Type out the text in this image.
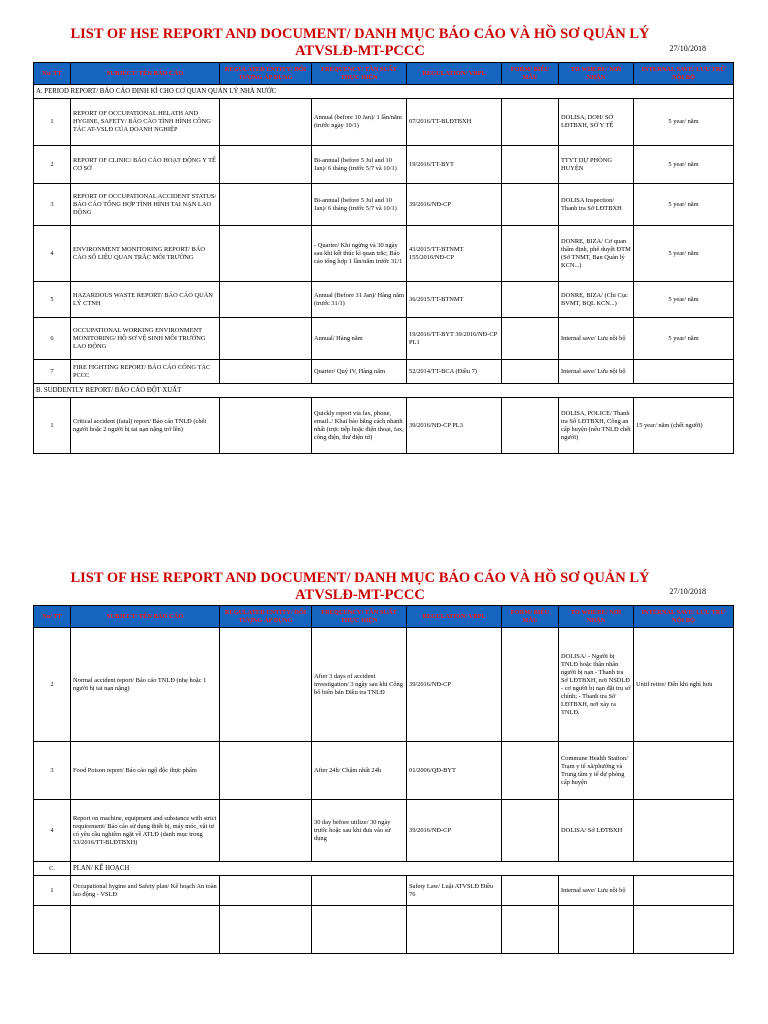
LIST OF HSE REPORT AND DOCUMENT/ DANH MỤC BÁO CÁO VÀ HỒ SƠ QUẢN LÝ
ATVSLĐ-MT-PCCC	27/10/2018
No/ TT	SUBJECT/ TÊN BÁO CÁO	REGULATED ENTITY/ ĐỐI TƯỢNG ÁP DỤNG	FREQUENCY/ TẦN SUẤT THỰC HIỆN	REGULATION/ VBPL	FORM/ BIỂU MẪU	TO WHERE/ NƠI NHẬN	INTERNAL SAVE/ LƯU TRỮ NỘI BỘ
A. PERIOD REPORT/ BÁO CÁO ĐỊNH KÌ CHO CƠ QUAN QUẢN LÝ NHÀ NƯỚC							
1	REPORT OF OCCUPATIONAL HELATH AND HYGINE, SAFETY/ BÁO CÁO TÌNH HÌNH CÔNG TÁC AT-VSLĐ CỦA DOANH NGHIỆP		Annual (before 10 Jan)/ 1 lần/năm (trước ngày 10/1)	07/2016/TT-BLĐTBXH		DOLISA, DOH/ SỞ LĐTBXH, SỞ Y TẾ	5 year/ năm
2	REPORT OF CLINIC/ BÁO CÁO HOẠT ĐỘNG Y TẾ CƠ SỞ		Bi-annual (before 5 Jul and 10 Jan)/ 6 tháng (trước 5/7 và 10/1)	19/2016/TT-BYT		TTYT DỰ PHÒNG HUYỆN	5 year/ năm
3	REPORT OF OCCUPATIONAL ACCIDENT STATUS/ BÁO CÁO TỔNG HỢP TÌNH HÌNH TAI NẠN LAO ĐỘNG		Bi-annual (before 5 Jul and 10 Jan)/ 6 tháng (trước 5/7 và 10/1)	39/2016/NĐ-CP		DOLISA Inspection/ Thanh tra Sở LĐTBXH	5 year/ năm
4	ENVIRONMENT MONITORING REPORT/ BÁO CÁO SỐ LIỆU QUAN TRẮC MÔI TRƯỜNG		- Quarter/ Khi ngừng và 30 ngày sau khi kết thúc kì quan trắc; Báo cáo tổng hợp 1 lần/năm trước 31/1	43/2015/TT-BTNMT 155/2016/NĐ-CP		DONRE, BIZA/ Cơ quan thẩm định, phê duyệt ĐTM (Sở TNMT, Ban Quản lý KCN...)	5 year/ năm
5	HAZARDOUS WASTE REPORT/ BÁO CÁO QUẢN LÝ CTNH		Annual (Before 31 Jan)/ Hàng năm (trước 31/1)	36/2015/TT-BTNMT		DONRE, BIZA/ (Chi Cục BVMT, BQL KCN...)	5 year/ năm
6	OCCUPATIONAL WORKING ENVIRONMENT MONITORING/ HỒ SƠ VỆ SINH MÔI TRƯỜNG LAO ĐỘNG		Annual/ Hàng năm	19/2016/TT-BYT 39/2016/NĐ-CP PL1		Internal save/ Lưu nội bộ	5 year/ năm
7	FIRE FIGHTING REPORT/ BÁO CÁO CÔNG TÁC PCCC		Quarter/ Quý IV, Hàng năm	52/2014/TT-BCA (Điều 7)		Internal save/ Lưu nội bộ	
B. SUDDENTLY REPORT/ BÁO CÁO ĐỘT XUẤT							
1	Critical accident (fatal) report/ Báo cáo TNLĐ (chết người hoặc 2 người bị tai nạn nặng trở lên)		Quickly report via fax, phone, email../ Khai báo bằng cách nhanh nhất (trực tiếp hoặc điện thoại, fax, công điện, thư điện tử)	39/2016/NĐ-CP PL3		DOLISA, POLICE/ Thanh tra Sở LĐTBXH, Công an cấp huyện (nếu TNLĐ chết người)	15 year/ năm (chết người)
LIST OF HSE REPORT AND DOCUMENT/ DANH MỤC BÁO CÁO VÀ HỒ SƠ QUẢN LÝ
ATVSLĐ-MT-PCCC	27/10/2018
No/ TT	SUBJECT/ TÊN BÁO CÁO	REGULATED ENTITY/ ĐỐI TƯỢNG ÁP DỤNG	FREQUENCY/ TẦN SUẤT THỰC HIỆN	REGULATION/ VBPL	FORM/ BIỂU MẪU	TO WHERE/ NƠI NHẬN	INTERNAL SAVE/ LƯU TRỮ NỘI BỘ
2	Normal accident report/ Báo cáo TNLĐ (nhẹ hoặc 1 người bị tai nạn nặng)		After 3 days of accident investigation/ 3 ngày sau khi Công bố biên bản Điều tra TNLĐ	39/2016/NĐ-CP		DOLISA/ - Người bị TNLĐ hoặc thân nhân người bị nạn - Thanh tra Sở LĐTBXH, nơi NSDLĐ - cơ người bị nạn đặt trụ sở chính; - Thanh tra Sở LĐTBXH, nơi xảy ra TNLĐ.	Until retire/ Đến khi nghỉ hưu
3	Food Poison report/ Báo cáo ngộ độc thực phẩm		After 24h/ Chậm nhất 24h	01/2006/QĐ-BYT		Commune Health Station/ Trạm y tế xã/phường và Trung tâm y tế dự phòng cấp huyện	
4	Report on machine, equipment and substance with strict requirement/ Báo cáo sử dụng thiết bị, máy móc, vật tư có yêu cầu nghiêm ngặt về ATLĐ (danh mục trong 53/2016/TT-BLĐTBXH)		30 day before utilize/ 30 ngày trước hoặc sau khi đưa vào sử dụng	39/2016/NĐ-CP		DOLISA/ Sở LĐTBXH	
C.	PLAN/ KẾ HOẠCH						
1	Occupational hygine and Safety plan/ Kế hoạch An toàn lao động - VSLĐ			Safety Law/ Luật ATVSLĐ Điều 76		Internal save/ Lưu nội bộ	
